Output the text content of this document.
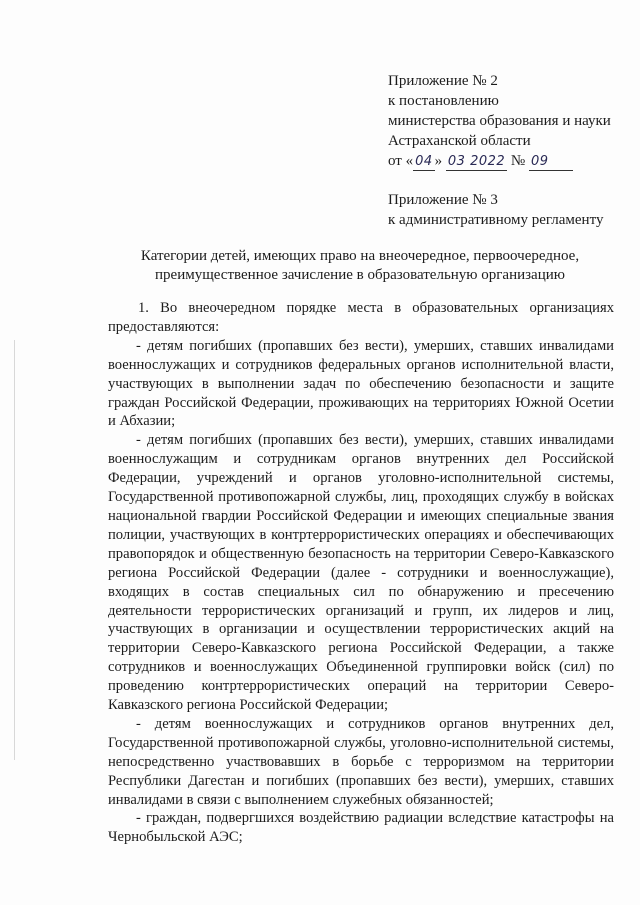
Приложение № 2
к постановлению
министерства образования и науки
Астраханской области
от « 04 » 03 2022 № 09
Приложение № 3
к административному регламенту
Категории детей, имеющих право на внеочередное, первоочередное, преимущественное зачисление в образовательную организацию

1. Во внеочередном порядке места в образовательных организациях предоставляются:

- детям погибших (пропавших без вести), умерших, ставших инвалидами военнослужащих и сотрудников федеральных органов исполнительной власти, участвующих в выполнении задач по обеспечению безопасности и защите граждан Российской Федерации, проживающих на территориях Южной Осетии и Абхазии;

- детям погибших (пропавших без вести), умерших, ставших инвалидами военнослужащим и сотрудникам органов внутренних дел Российской Федерации, учреждений и органов уголовно-исполнительной системы, Государственной противопожарной службы, лиц, проходящих службу в войсках национальной гвардии Российской Федерации и имеющих специальные звания полиции, участвующих в контртеррористических операциях и обеспечивающих правопорядок и общественную безопасность на территории Северо-Кавказского региона Российской Федерации (далее - сотрудники и военнослужащие), входящих в состав специальных сил по обнаружению и пресечению деятельности террористических организаций и групп, их лидеров и лиц, участвующих в организации и осуществлении террористических акций на территории Северо-Кавказского региона Российской Федерации, а также сотрудников и военнослужащих Объединенной группировки войск (сил) по проведению контртеррористических операций на территории Северо-Кавказского региона Российской Федерации;

- детям военнослужащих и сотрудников органов внутренних дел, Государственной противопожарной службы, уголовно-исполнительной системы, непосредственно участвовавших в борьбе с терроризмом на территории Республики Дагестан и погибших (пропавших без вести), умерших, ставших инвалидами в связи с выполнением служебных обязанностей;

- граждан, подвергшихся воздействию радиации вследствие катастрофы на Чернобыльской АЭС;
